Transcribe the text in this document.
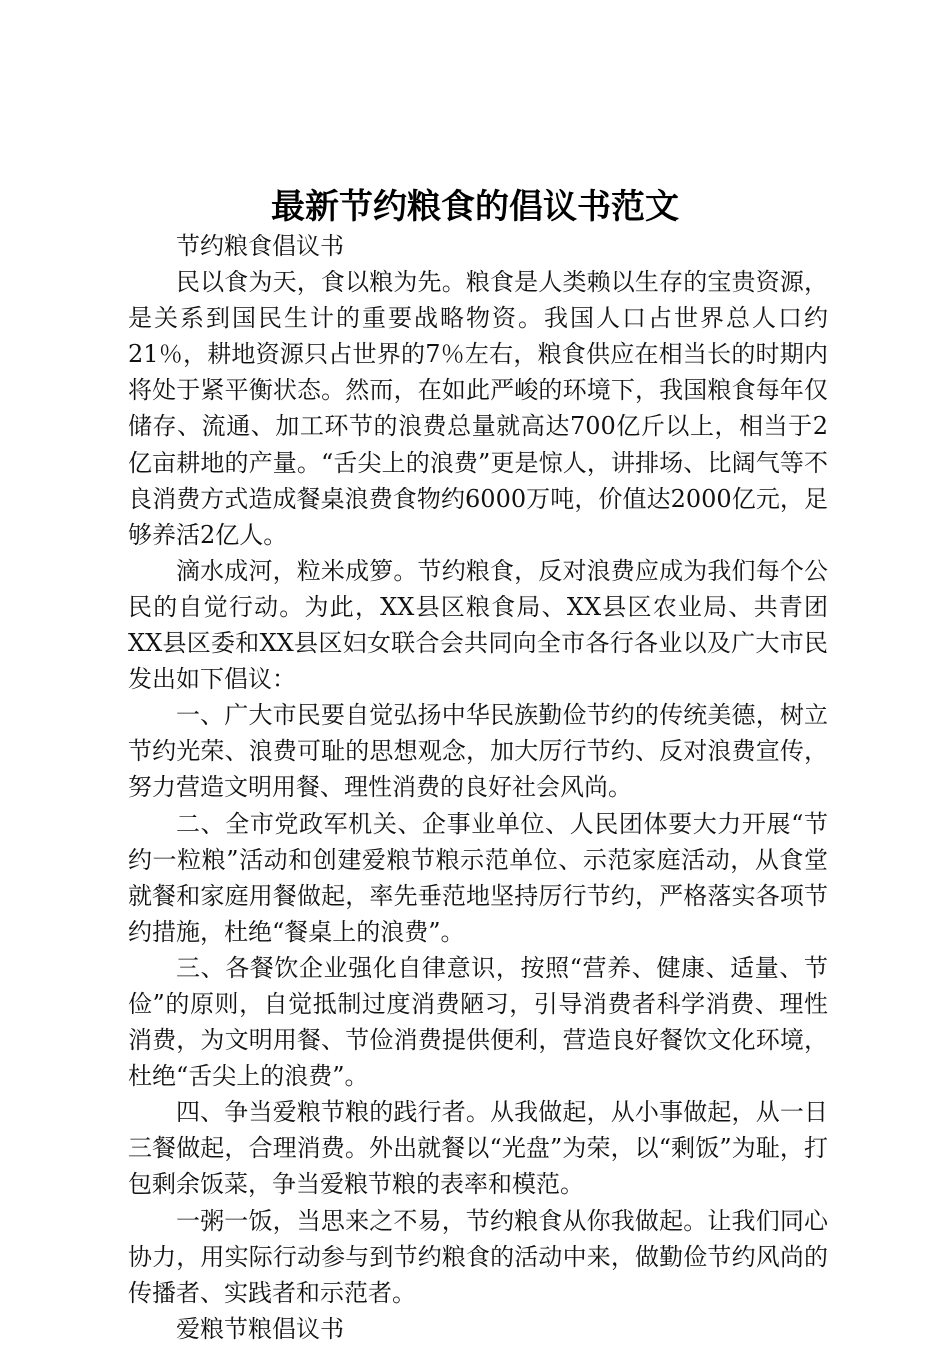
最新节约粮食的倡议书范文

节约粮食倡议书

民以食为天，食以粮为先。粮食是人类赖以生存的宝贵资源，是关系到国民生计的重要战略物资。我国人口占世界总人口约21％，耕地资源只占世界的7％左右，粮食供应在相当长的时期内将处于紧平衡状态。然而，在如此严峻的环境下，我国粮食每年仅储存、流通、加工环节的浪费总量就高达700亿斤以上，相当于2亿亩耕地的产量。“舌尖上的浪费”更是惊人，讲排场、比阔气等不良消费方式造成餐桌浪费食物约6000万吨，价值达2000亿元，足够养活2亿人。

滴水成河，粒米成箩。节约粮食，反对浪费应成为我们每个公民的自觉行动。为此，XX县区粮食局、XX县区农业局、共青团XX县区委和XX县区妇女联合会共同向全市各行各业以及广大市民发出如下倡议：

一、广大市民要自觉弘扬中华民族勤俭节约的传统美德，树立节约光荣、浪费可耻的思想观念，加大厉行节约、反对浪费宣传，努力营造文明用餐、理性消费的良好社会风尚。

二、全市党政军机关、企事业单位、人民团体要大力开展“节约一粒粮”活动和创建爱粮节粮示范单位、示范家庭活动，从食堂就餐和家庭用餐做起，率先垂范地坚持厉行节约，严格落实各项节约措施，杜绝“餐桌上的浪费”。

三、各餐饮企业强化自律意识，按照“营养、健康、适量、节俭”的原则，自觉抵制过度消费陋习，引导消费者科学消费、理性消费，为文明用餐、节俭消费提供便利，营造良好餐饮文化环境，杜绝“舌尖上的浪费”。

四、争当爱粮节粮的践行者。从我做起，从小事做起，从一日三餐做起，合理消费。外出就餐以“光盘”为荣，以“剩饭”为耻，打包剩余饭菜，争当爱粮节粮的表率和模范。

一粥一饭，当思来之不易，节约粮食从你我做起。让我们同心协力，用实际行动参与到节约粮食的活动中来，做勤俭节约风尚的传播者、实践者和示范者。

爱粮节粮倡议书
